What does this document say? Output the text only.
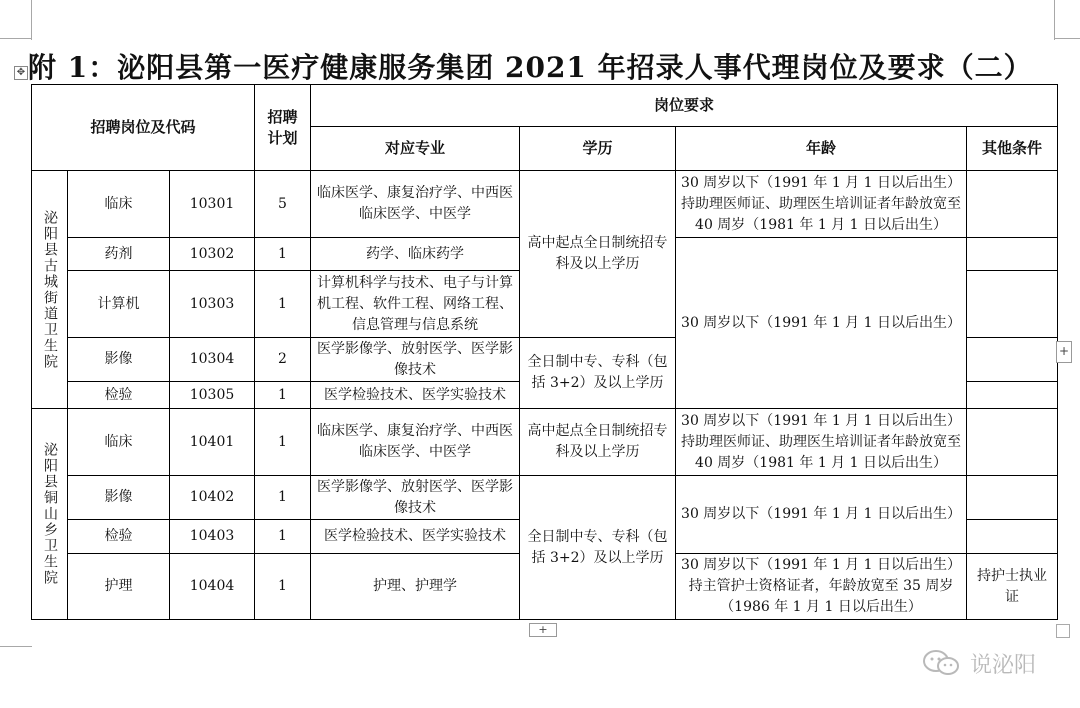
附 1：泌阳县第一医疗健康服务集团 2021 年招录人事代理岗位及要求（二）
✥
招聘岗位及代码			招聘计划	岗位要求			
				对应专业	学历	年龄	其他条件

泌阳县古城街道卫生院	临床	10301	5	临床医学、康复治疗学、中西医临床医学、中医学	高中起点全日制统招专科及以上学历	30 周岁以下（1991 年 1 月 1 日以后出生）持助理医师证、助理医生培训证者年龄放宽至 40 周岁（1981 年 1 月 1 日以后出生）	
	药剂	10302	1	药学、临床药学		30 周岁以下（1991 年 1 月 1 日以后出生）	
	计算机	10303	1	计算机科学与技术、电子与计算机工程、软件工程、网络工程、信息管理与信息系统			
	影像	10304	2	医学影像学、放射医学、医学影像技术	全日制中专、专科（包括 3+2）及以上学历		
	检验	10305	1	医学检验技术、医学实验技术			

泌阳县铜山乡卫生院	临床	10401	1	临床医学、康复治疗学、中西医临床医学、中医学	高中起点全日制统招专科及以上学历	30 周岁以下（1991 年 1 月 1 日以后出生）持助理医师证、助理医生培训证者年龄放宽至 40 周岁（1981 年 1 月 1 日以后出生）	
	影像	10402	1	医学影像学、放射医学、医学影像技术	全日制中专、专科（包括 3+2）及以上学历	30 周岁以下（1991 年 1 月 1 日以后出生）	
	检验	10403	1	医学检验技术、医学实验技术			
	护理	10404	1	护理、护理学		30 周岁以下（1991 年 1 月 1 日以后出生）持主管护士资格证者，年龄放宽至 35 周岁（1986 年 1 月 1 日以后出生）	持护士执业证
+
+
说泌阳
